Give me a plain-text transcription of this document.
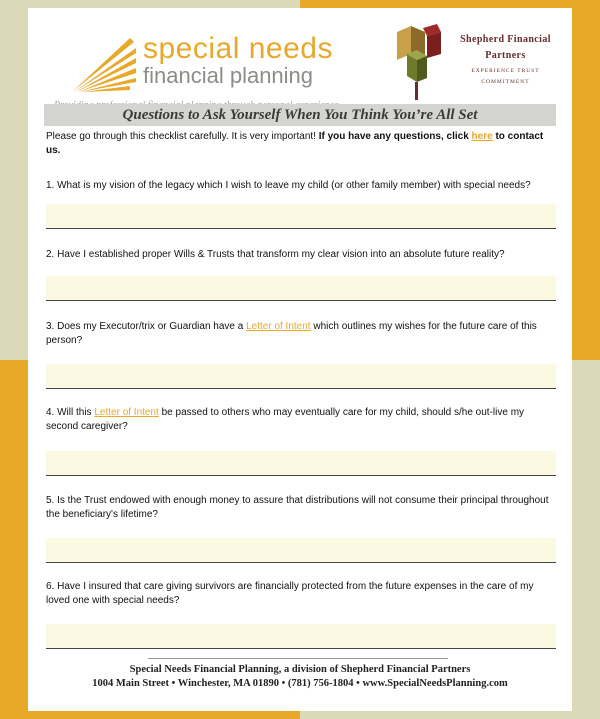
special needs
financial planning
Shepherd Financial
Partners
EXPERIENCE TRUST
COMMITMENT
Questions to Ask Yourself When You Think You’re All Set
Please go through this checklist carefully. It is very important! If you have any questions, click here to contact us.
1. What is my vision of the legacy which I wish to leave my child (or other family member) with special needs?
2. Have I established proper Wills & Trusts that transform my clear vision into an absolute future reality?
3. Does my Executor/trix or Guardian have a Letter of Intent which outlines my wishes for the future care of this person?
4. Will this Letter of Intent be passed to others who may eventually care for my child, should s/he out-live my second caregiver?
5. Is the Trust endowed with enough money to assure that distributions will not consume their principal throughout the beneficiary's lifetime?
6. Have I insured that care giving survivors are financially protected from the future expenses in the care of my loved one with special needs?
Special Needs Financial Planning, a division of Shepherd Financial Partners
1004 Main Street • Winchester, MA 01890 • (781) 756-1804 • www.SpecialNeedsPlanning.com
